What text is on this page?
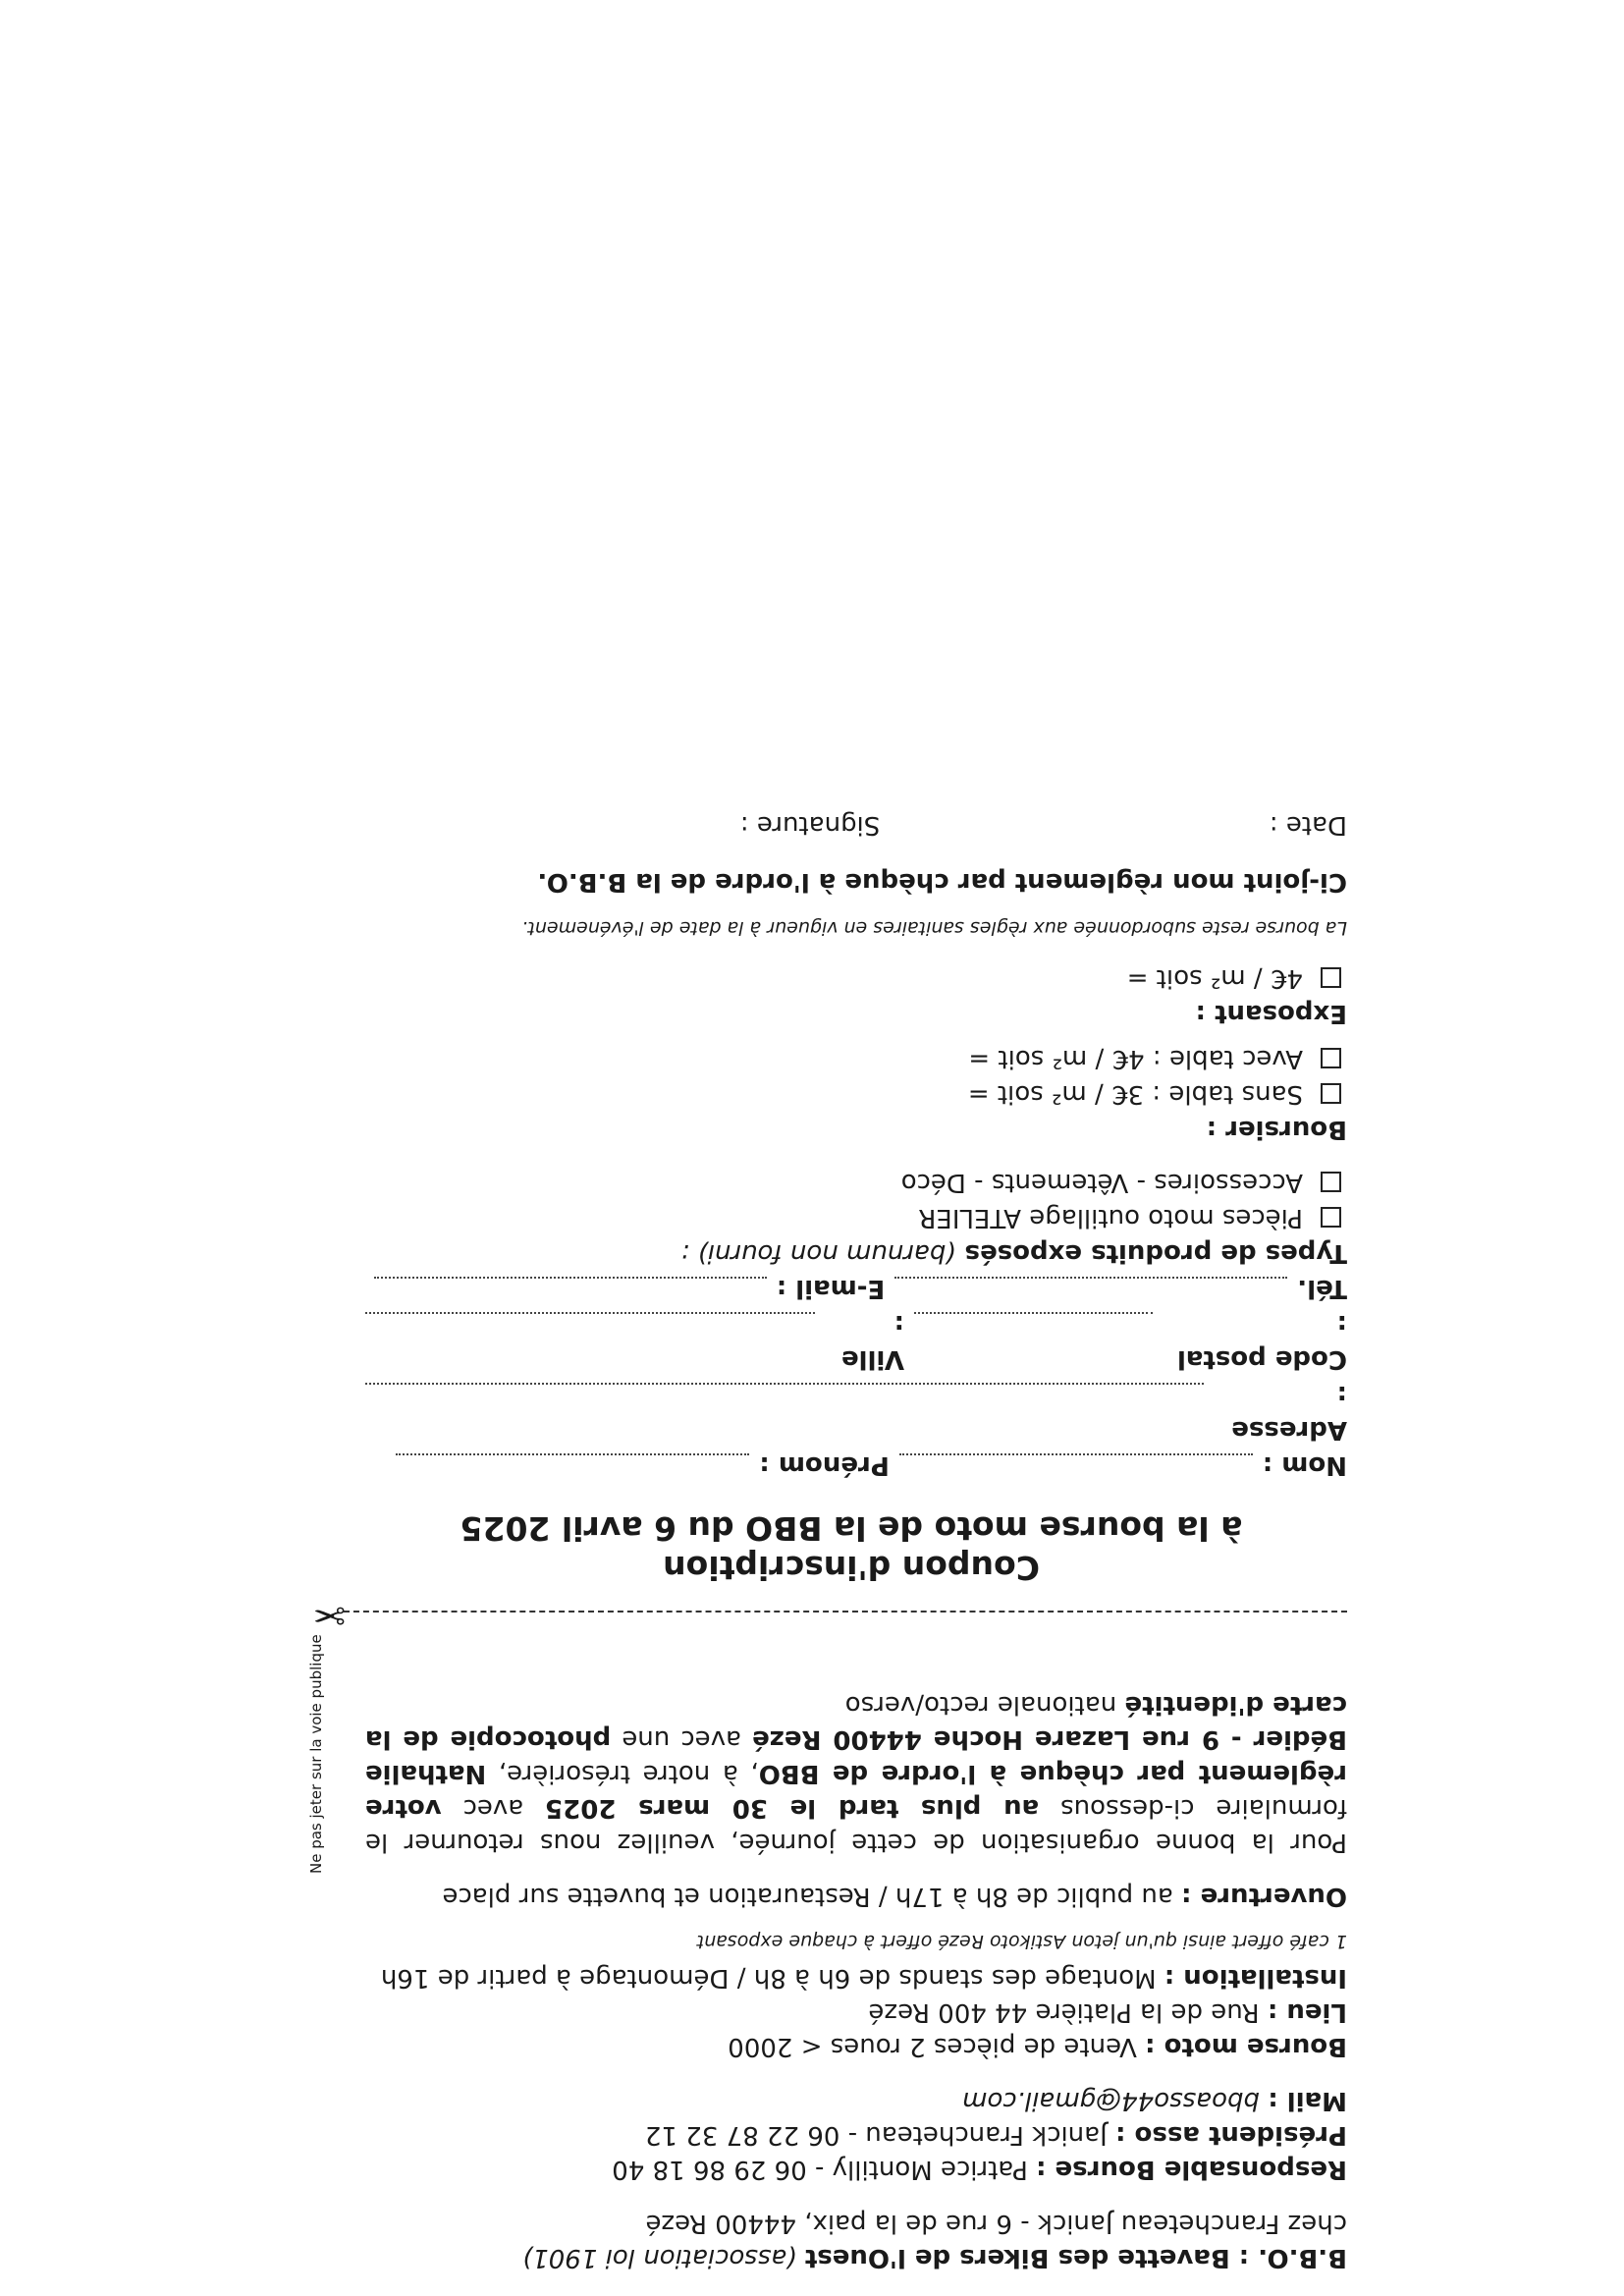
B.B.O. : Bavette des Bikers de l'Ouest (association loi 1901)

chez Francheteau Janick - 6 rue de la paix, 44400 Rezé

Responsable Bourse : Patrice Montilly - 06 29 86 18 40

Président asso : Janick Francheteau - 06 22 87 32 12

Mail : bboasso44@gmail.com

Bourse moto : Vente de pièces 2 roues < 2000

Lieu : Rue de la Platière 44 400 Rezé

Installation : Montage des stands de 6h à 8h / Démontage à partir de 16h

1 café offert ainsi qu'un jeton Astikoto Rezé offert à chaque exposant

Ouverture : au public de 8h à 17h / Restauration et buvette sur place

Pour la bonne organisation de cette journée, veuillez nous retourner le formulaire ci-dessous au plus tard le 30 mars 2025 avec votre règlement par chèque à l'ordre de BBO, à notre trésorière, Nathalie Bédier - 9 rue Lazare Hoche 44400 Rezé avec une photocopie de la carte d'identité nationale recto/verso

Ne pas jeter sur la voie publique
✂

Coupon d'inscription

à la bourse moto de la BBO du 6 avril 2025

Nom :
Prénom :

Adresse :

Code postal :
Ville :

Tél.
E-mail :

Types de produits exposés

(barnum non fourni) :

Pièces moto outillage ATELIER

Accessoires - Vêtements - Déco

Boursier :

Sans table : 3€ / m² soit =

Avec table : 4€ / m² soit =

Exposant :

4€ / m² soit =

La bourse reste subordonnée aux règles sanitaires en vigueur à la date de l'événement.

Ci-joint mon règlement par chèque à l'ordre de la B.B.O.

Date :  Signature :
